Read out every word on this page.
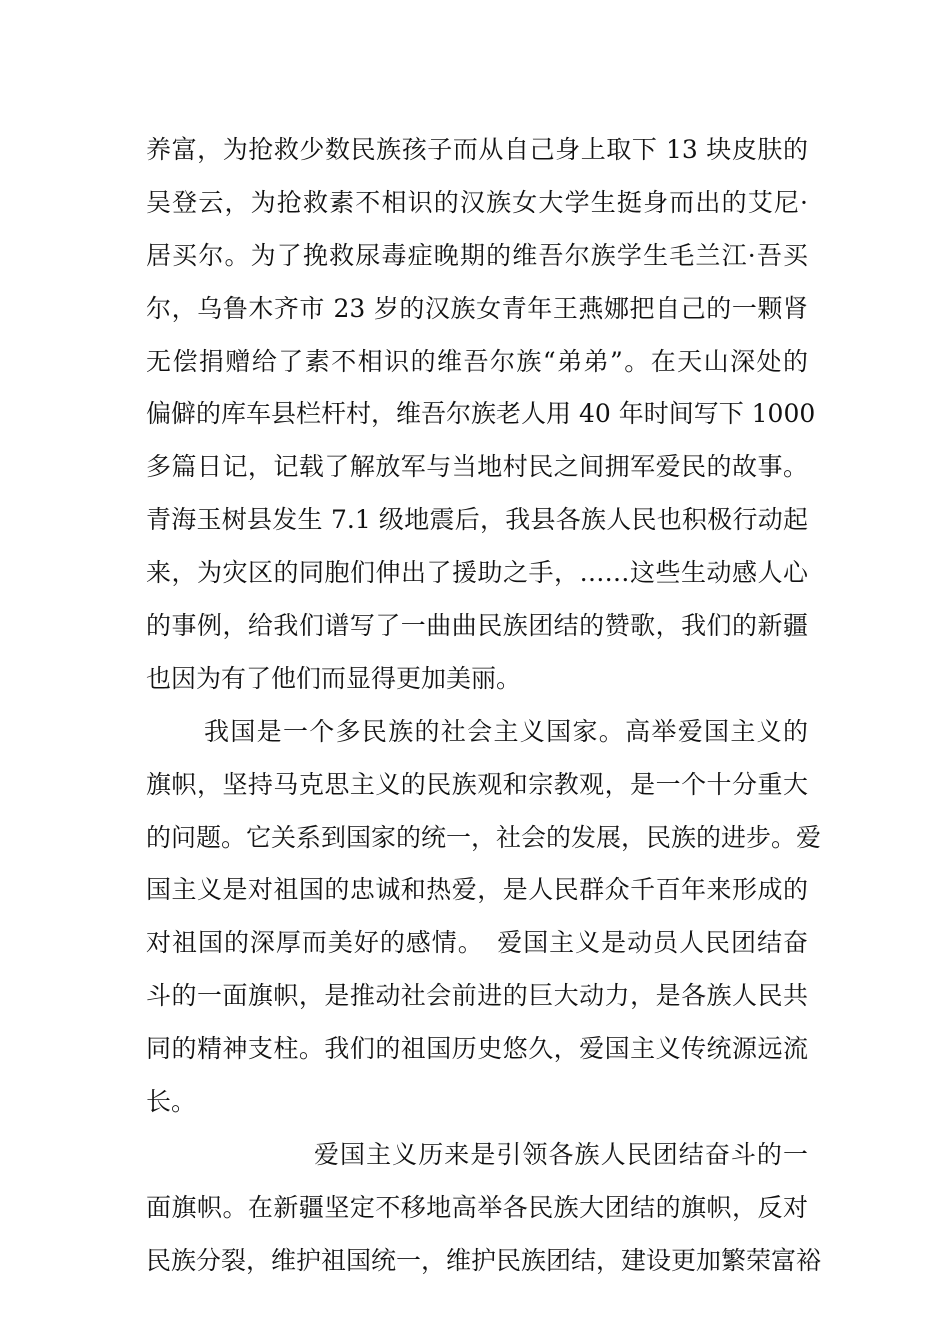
养富，为抢救少数民族孩子而从自己身上取下 13 块皮肤的
吴登云，为抢救素不相识的汉族女大学生挺身而出的艾尼·
居买尔。为了挽救尿毒症晚期的维吾尔族学生毛兰江·吾买
尔，乌鲁木齐市 23 岁的汉族女青年王燕娜把自己的一颗肾
无偿捐赠给了素不相识的维吾尔族“弟弟”。在天山深处的
偏僻的库车县栏杆村，维吾尔族老人用 40 年时间写下 1000
多篇日记，记载了解放军与当地村民之间拥军爱民的故事。
青海玉树县发生 7.1 级地震后，我县各族人民也积极行动起
来，为灾区的同胞们伸出了援助之手，……这些生动感人心
的事例，给我们谱写了一曲曲民族团结的赞歌，我们的新疆
也因为有了他们而显得更加美丽。
我国是一个多民族的社会主义国家。高举爱国主义的
旗帜，坚持马克思主义的民族观和宗教观，是一个十分重大
的问题。它关系到国家的统一，社会的发展，民族的进步。爱
国主义是对祖国的忠诚和热爱，是人民群众千百年来形成的
对祖国的深厚而美好的感情。　爱国主义是动员人民团结奋
斗的一面旗帜，是推动社会前进的巨大动力，是各族人民共
同的精神支柱。我们的祖国历史悠久，爱国主义传统源远流
长。
爱国主义历来是引领各族人民团结奋斗的一
面旗帜。在新疆坚定不移地高举各民族大团结的旗帜，反对
民族分裂，维护祖国统一，维护民族团结，建设更加繁荣富裕
